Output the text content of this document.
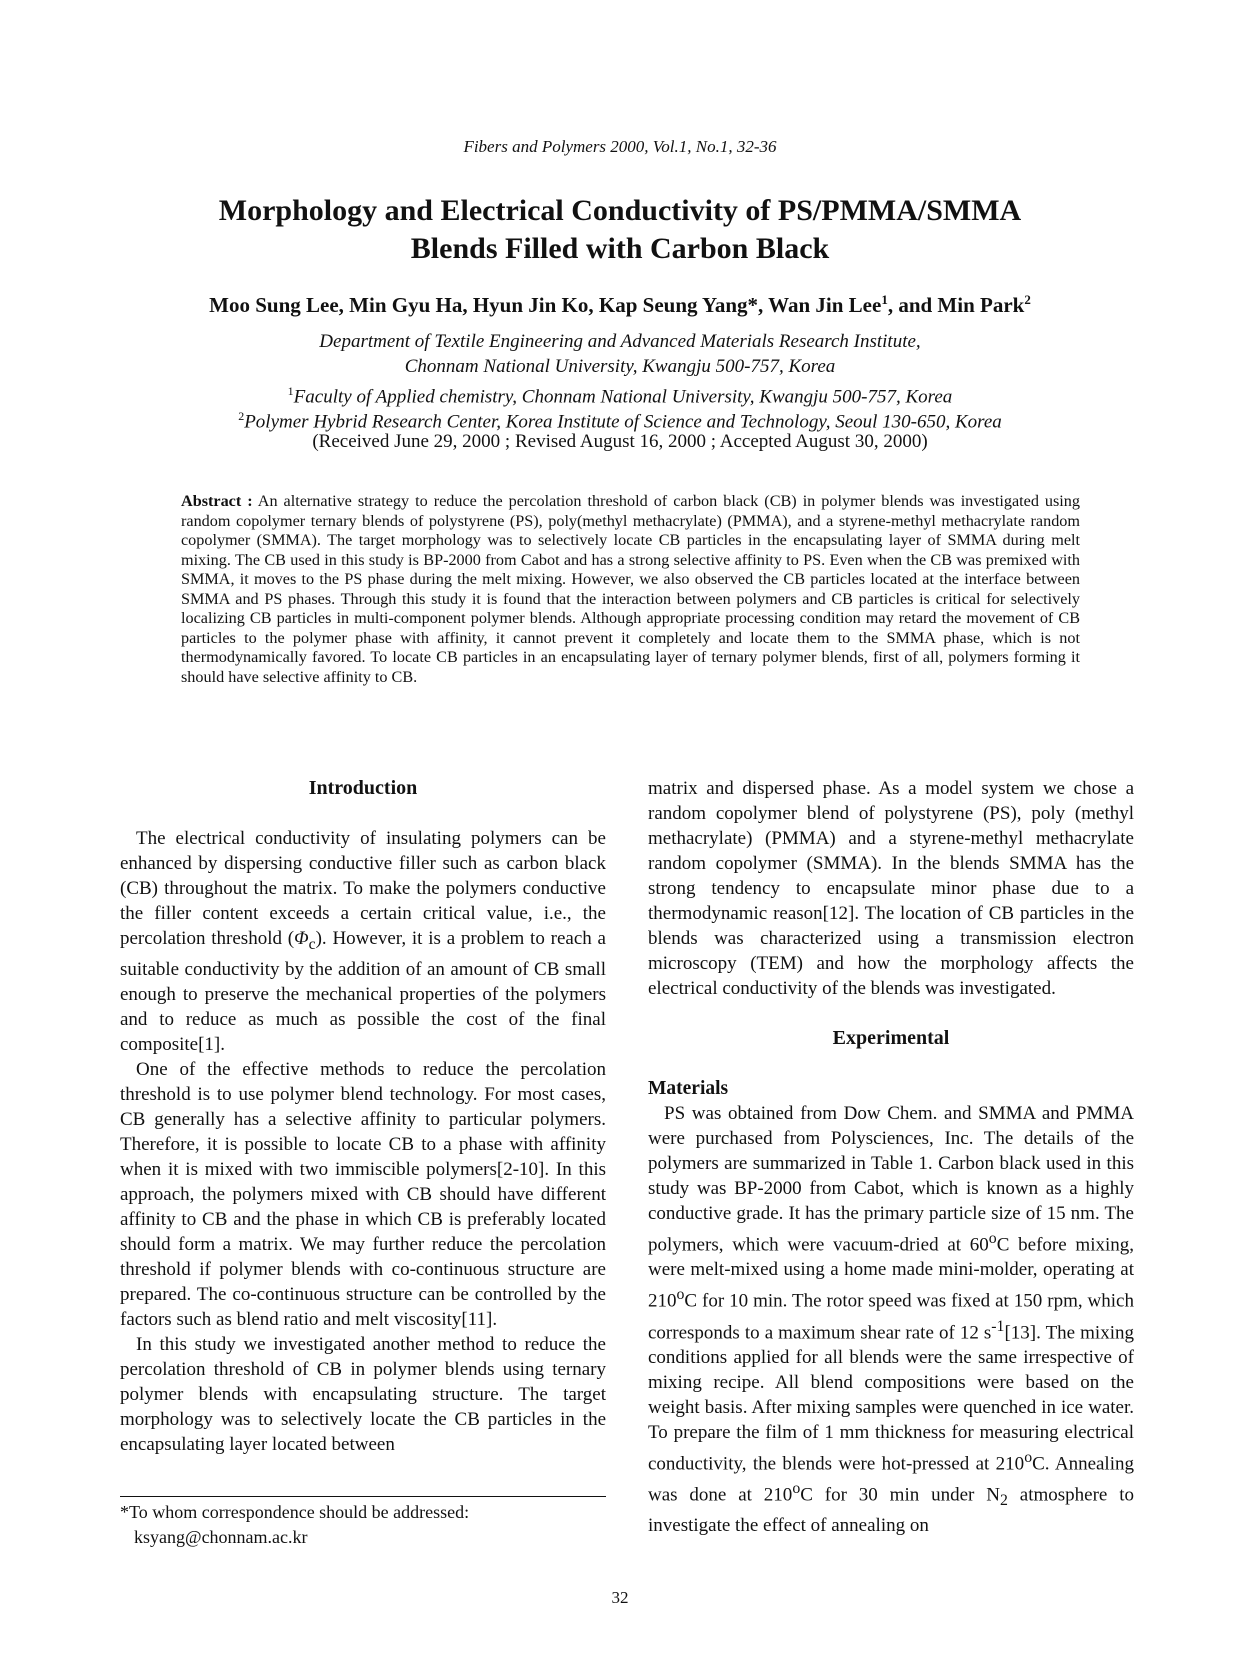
Fibers and Polymers 2000, Vol.1, No.1, 32-36
Morphology and Electrical Conductivity of PS/PMMA/SMMA
Blends Filled with Carbon Black
Moo Sung Lee, Min Gyu Ha, Hyun Jin Ko, Kap Seung Yang*, Wan Jin Lee$^1$, and Min Park$^2$
Department of Textile Engineering and Advanced Materials Research Institute,
Chonnam National University, Kwangju 500-757, Korea
$^1$Faculty of Applied chemistry, Chonnam National University, Kwangju 500-757, Korea
$^2$Polymer Hybrid Research Center, Korea Institute of Science and Technology, Seoul 130-650, Korea
(Received June 29, 2000 ; Revised August 16, 2000 ; Accepted August 30, 2000)
Abstract : An alternative strategy to reduce the percolation threshold of carbon black (CB) in polymer blends was investigated using random copolymer ternary blends of polystyrene (PS), poly(methyl methacrylate) (PMMA), and a styrene-methyl methacrylate random copolymer (SMMA). The target morphology was to selectively locate CB particles in the encapsulating layer of SMMA during melt mixing. The CB used in this study is BP-2000 from Cabot and has a strong selective affinity to PS. Even when the CB was premixed with SMMA, it moves to the PS phase during the melt mixing. However, we also observed the CB particles located at the interface between SMMA and PS phases. Through this study it is found that the interaction between polymers and CB particles is critical for selectively localizing CB particles in multi-component polymer blends. Although appropriate processing condition may retard the movement of CB particles to the polymer phase with affinity, it cannot prevent it completely and locate them to the SMMA phase, which is not thermodynamically favored. To locate CB particles in an encapsulating layer of ternary polymer blends, first of all, polymers forming it should have selective affinity to CB.
Introduction

The electrical conductivity of insulating polymers can be enhanced by dispersing conductive filler such as carbon black (CB) throughout the matrix. To make the polymers conductive the filler content exceeds a certain critical value, i.e., the percolation threshold $(\Phi_c)$. However, it is a problem to reach a suitable conductivity by the addition of an amount of CB small enough to preserve the mechanical properties of the polymers and to reduce as much as possible the cost of the final composite[1].

One of the effective methods to reduce the percolation threshold is to use polymer blend technology. For most cases, CB generally has a selective affinity to particular polymers. Therefore, it is possible to locate CB to a phase with affinity when it is mixed with two immiscible polymers[2-10]. In this approach, the polymers mixed with CB should have different affinity to CB and the phase in which CB is preferably located should form a matrix. We may further reduce the percolation threshold if polymer blends with co-continuous structure are prepared. The co-continuous structure can be controlled by the factors such as blend ratio and melt viscosity[11].

In this study we investigated another method to reduce the percolation threshold of CB in polymer blends using ternary polymer blends with encapsulating structure. The target morphology was to selectively locate the CB particles in the encapsulating layer located between

matrix and dispersed phase. As a model system we chose a random copolymer blend of polystyrene (PS), poly (methyl methacrylate) (PMMA) and a styrene-methyl methacrylate random copolymer (SMMA). In the blends SMMA has the strong tendency to encapsulate minor phase due to a thermodynamic reason[12]. The location of CB particles in the blends was characterized using a transmission electron microscopy (TEM) and how the morphology affects the electrical conductivity of the blends was investigated.

Experimental
Materials

PS was obtained from Dow Chem. and SMMA and PMMA were purchased from Polysciences, Inc. The details of the polymers are summarized in Table 1. Carbon black used in this study was BP-2000 from Cabot, which is known as a highly conductive grade. It has the primary particle size of 15 nm. The polymers, which were vacuum-dried at 60$^o$C before mixing, were melt-mixed using a home made mini-molder, operating at 210$^o$C for 10 min. The rotor speed was fixed at 150 rpm, which corresponds to a maximum shear rate of 12 $s^{-1}[13]$. The mixing conditions applied for all blends were the same irrespective of mixing recipe. All blend compositions were based on the weight basis. After mixing samples were quenched in ice water. To prepare the film of 1 mm thickness for measuring electrical conductivity, the blends were hot-pressed at 210$^o$C. Annealing was done at 210$^o$C for 30 min under $N_2$ atmosphere to investigate the effect of annealing on

*To whom correspondence should be addressed:
ksyang@chonnam.ac.kr
32
